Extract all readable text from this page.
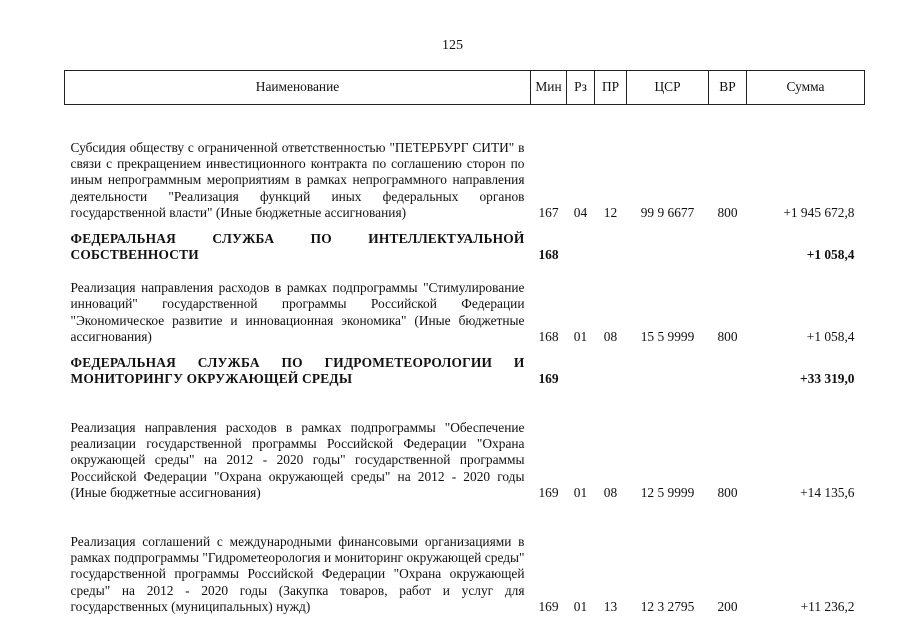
125
Наименование	Мин	Рз	ПР	ЦСР	ВР	Сумма

Субсидия обществу с ограниченной ответственностью "ПЕТЕРБУРГ СИТИ" в связи с прекращением инвестиционного контракта по соглашению сторон по иным непрограммным мероприятиям в рамках непрограммного направления деятельности "Реализация функций иных федеральных органов государственной власти" (Иные бюджетные ассигнования)	167	04	12	99 9 6677	800	+1 945 672,8

ФЕДЕРАЛЬНАЯ СЛУЖБА ПО ИНТЕЛЛЕКТУАЛЬНОЙ СОБСТВЕННОСТИ	168					+1 058,4

Реализация направления расходов в рамках подпрограммы "Стимулирование инноваций" государственной программы Российской Федерации "Экономическое развитие и инновационная экономика" (Иные бюджетные ассигнования)	168	01	08	15 5 9999	800	+1 058,4

ФЕДЕРАЛЬНАЯ СЛУЖБА ПО ГИДРОМЕТЕОРОЛОГИИ И МОНИТОРИНГУ ОКРУЖАЮЩЕЙ СРЕДЫ	169					+33 319,0

Реализация направления расходов в рамках подпрограммы "Обеспечение реализации государственной программы Российской Федерации "Охрана окружающей среды" на 2012 - 2020 годы" государственной программы Российской Федерации "Охрана окружающей среды" на 2012 - 2020 годы (Иные бюджетные ассигнования)	169	01	08	12 5 9999	800	+14 135,6

Реализация соглашений с международными финансовыми организациями в рамках подпрограммы "Гидрометеорология и мониторинг окружающей среды" государственной программы Российской Федерации "Охрана окружающей среды" на 2012 - 2020 годы (Закупка товаров, работ и услуг для государственных (муниципальных) нужд)	169	01	13	12 3 2795	200	+11 236,2
